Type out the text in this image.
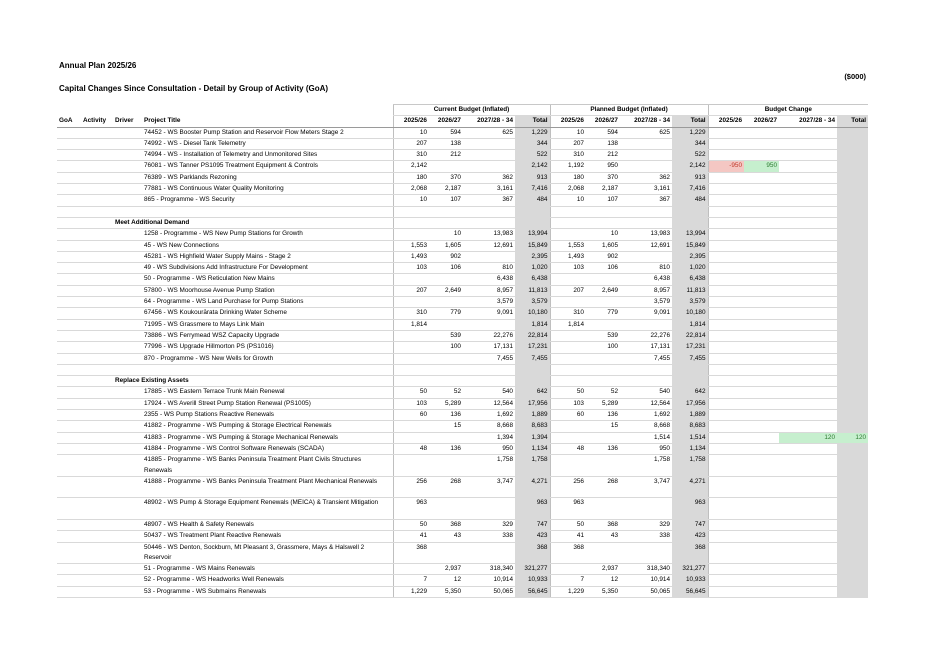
Annual Plan 2025/26
($000)
Capital Changes Since Consultation - Detail by Group of Activity (GoA)
				Current Budget (Inflated)				Planned Budget (Inflated)				Budget Change			
GoA	Activity	Driver	Project Title	2025/26	2026/27	2027/28 - 34	Total	2025/26	2026/27	2027/28 - 34	Total	2025/26	2026/27	2027/28 - 34	Total
			74452 - WS Booster Pump Station and Reservoir Flow Meters Stage 2	10	594	625	1,229	10	594	625	1,229				
			74992 - WS - Diesel Tank Telemetry	207	138		344	207	138		344				
			74994 - WS - Installation of Telemetry and Unmonitored Sites	310	212		522	310	212		522				
			76081 - WS Tanner PS1095 Treatment Equipment & Controls	2,142			2,142	1,192	950		2,142	-950	950		
			76389 - WS Parklands Rezoning	180	370	362	913	180	370	362	913				
			77881 - WS Continuous Water Quality Monitoring	2,068	2,187	3,161	7,416	2,068	2,187	3,161	7,416				
			865 - Programme - WS Security	10	107	367	484	10	107	367	484				

		Meet Additional Demand													
			1258 - Programme - WS New Pump Stations for Growth		10	13,983	13,994		10	13,983	13,994				
			45 - WS New Connections	1,553	1,605	12,691	15,849	1,553	1,605	12,691	15,849				
			45281 - WS Highfield Water Supply Mains - Stage 2	1,493	902		2,395	1,493	902		2,395				
			49 - WS Subdivisions Add Infrastructure For Development	103	106	810	1,020	103	106	810	1,020				
			50 - Programme - WS Reticulation New Mains			6,438	6,438			6,438	6,438				
			57800 - WS Moorhouse Avenue Pump Station	207	2,649	8,957	11,813	207	2,649	8,957	11,813				
			64 - Programme - WS Land Purchase for Pump Stations			3,579	3,579			3,579	3,579				
			67456 - WS Koukourārata Drinking Water Scheme	310	779	9,091	10,180	310	779	9,091	10,180				
			71995 - WS Grassmere to Mays Link Main	1,814			1,814	1,814			1,814				
			73886 - WS Ferrymead WSZ Capacity Upgrade		539	22,276	22,814		539	22,276	22,814				
			77996 - WS Upgrade Hillmorton PS (PS1016)		100	17,131	17,231		100	17,131	17,231				
			870 - Programme - WS New Wells for Growth			7,455	7,455			7,455	7,455				

		Replace Existing Assets													
			17885 - WS Eastern Terrace Trunk Main Renewal	50	52	540	642	50	52	540	642				
			17924 - WS Averill Street Pump Station Renewal (PS1005)	103	5,289	12,564	17,956	103	5,289	12,564	17,956				
			2355 - WS Pump Stations Reactive Renewals	60	136	1,692	1,889	60	136	1,692	1,889				
			41882 - Programme - WS Pumping & Storage Electrical Renewals		15	8,668	8,683		15	8,668	8,683				
			41883 - Programme - WS Pumping & Storage Mechanical Renewals			1,394	1,394			1,514	1,514			120	120
			41884 - Programme - WS Control Software Renewals (SCADA)	48	136	950	1,134	48	136	950	1,134				
			41885 - Programme - WS Banks Peninsula Treatment Plant Civils Structures Renewals			1,758	1,758			1,758	1,758				
			41888 - Programme - WS Banks Peninsula Treatment Plant Mechanical Renewals	256	268	3,747	4,271	256	268	3,747	4,271				
			48902 - WS Pump & Storage Equipment Renewals (MEICA) & Transient Mitigation	963			963	963			963				
			48907 - WS Health & Safety Renewals	50	368	329	747	50	368	329	747				
			50437 - WS Treatment Plant Reactive Renewals	41	43	338	423	41	43	338	423				
			50446 - WS Denton, Sockburn, Mt Pleasant 3, Grassmere, Mays & Halswell 2 Reservoir	368			368	368			368				
			51 - Programme - WS Mains Renewals		2,937	318,340	321,277		2,937	318,340	321,277				
			52 - Programme - WS Headworks Well Renewals	7	12	10,914	10,933	7	12	10,914	10,933				
			53 - Programme - WS Submains Renewals	1,229	5,350	50,065	56,645	1,229	5,350	50,065	56,645				
